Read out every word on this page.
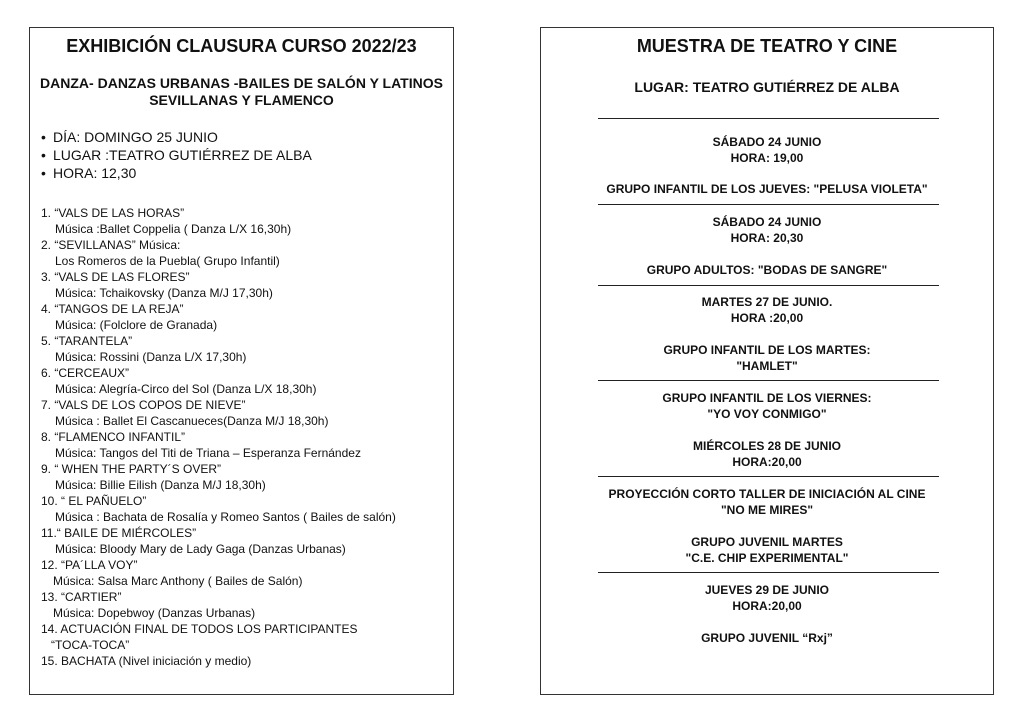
EXHIBICIÓN CLAUSURA CURSO 2022/23
DANZA- DANZAS URBANAS -BAILES DE SALÓN Y LATINOS
SEVILLANAS Y FLAMENCO
• DÍA: DOMINGO 25 JUNIO
• LUGAR :TEATRO GUTIÉRREZ DE ALBA
• HORA: 12,30
1. “VALS DE LAS HORAS”
Música :Ballet Coppelia ( Danza L/X 16,30h)
2. “SEVILLANAS” Música:
Los Romeros de la Puebla( Grupo Infantil)
3. “VALS DE LAS FLORES”
Música: Tchaikovsky (Danza M/J 17,30h)
4. “TANGOS DE LA REJA”
Música: (Folclore de Granada)
5. “TARANTELA”
Música: Rossini (Danza L/X 17,30h)
6. “CERCEAUX”
Música: Alegría-Circo del Sol (Danza L/X 18,30h)
7. “VALS DE LOS COPOS DE NIEVE”
Música : Ballet El Cascanueces(Danza M/J 18,30h)
8. “FLAMENCO INFANTIL”
Música: Tangos del Titi de Triana – Esperanza Fernández
9. “ WHEN THE PARTY´S OVER”
Música: Billie Eilish (Danza M/J 18,30h)
10. “ EL PAÑUELO”
Música : Bachata de Rosalía y Romeo Santos ( Bailes de salón)
11.“ BAILE DE MIÉRCOLES”
Música: Bloody Mary de Lady Gaga (Danzas Urbanas)
12. “PA´LLA VOY”
Música: Salsa Marc Anthony ( Bailes de Salón)
13. “CARTIER”
Música: Dopebwoy (Danzas Urbanas)
14. ACTUACIÓN FINAL DE TODOS LOS PARTICIPANTES
“TOCA-TOCA”
15. BACHATA (Nivel iniciación y medio)
MUESTRA DE TEATRO Y CINE
LUGAR: TEATRO GUTIÉRREZ DE ALBA
SÁBADO 24 JUNIO
HORA: 19,00
GRUPO INFANTIL DE LOS JUEVES: "PELUSA VIOLETA"
SÁBADO 24 JUNIO
HORA: 20,30
GRUPO ADULTOS: "BODAS DE SANGRE"
MARTES 27 DE JUNIO.
HORA :20,00
GRUPO INFANTIL DE LOS MARTES:
"HAMLET"
GRUPO INFANTIL DE LOS VIERNES:
"YO VOY CONMIGO"
MIÉRCOLES 28 DE JUNIO
HORA:20,00
PROYECCIÓN CORTO TALLER DE INICIACIÓN AL CINE
"NO ME MIRES"
GRUPO JUVENIL MARTES
"C.E. CHIP EXPERIMENTAL"
JUEVES 29 DE JUNIO
HORA:20,00
GRUPO JUVENIL “Rxj”
